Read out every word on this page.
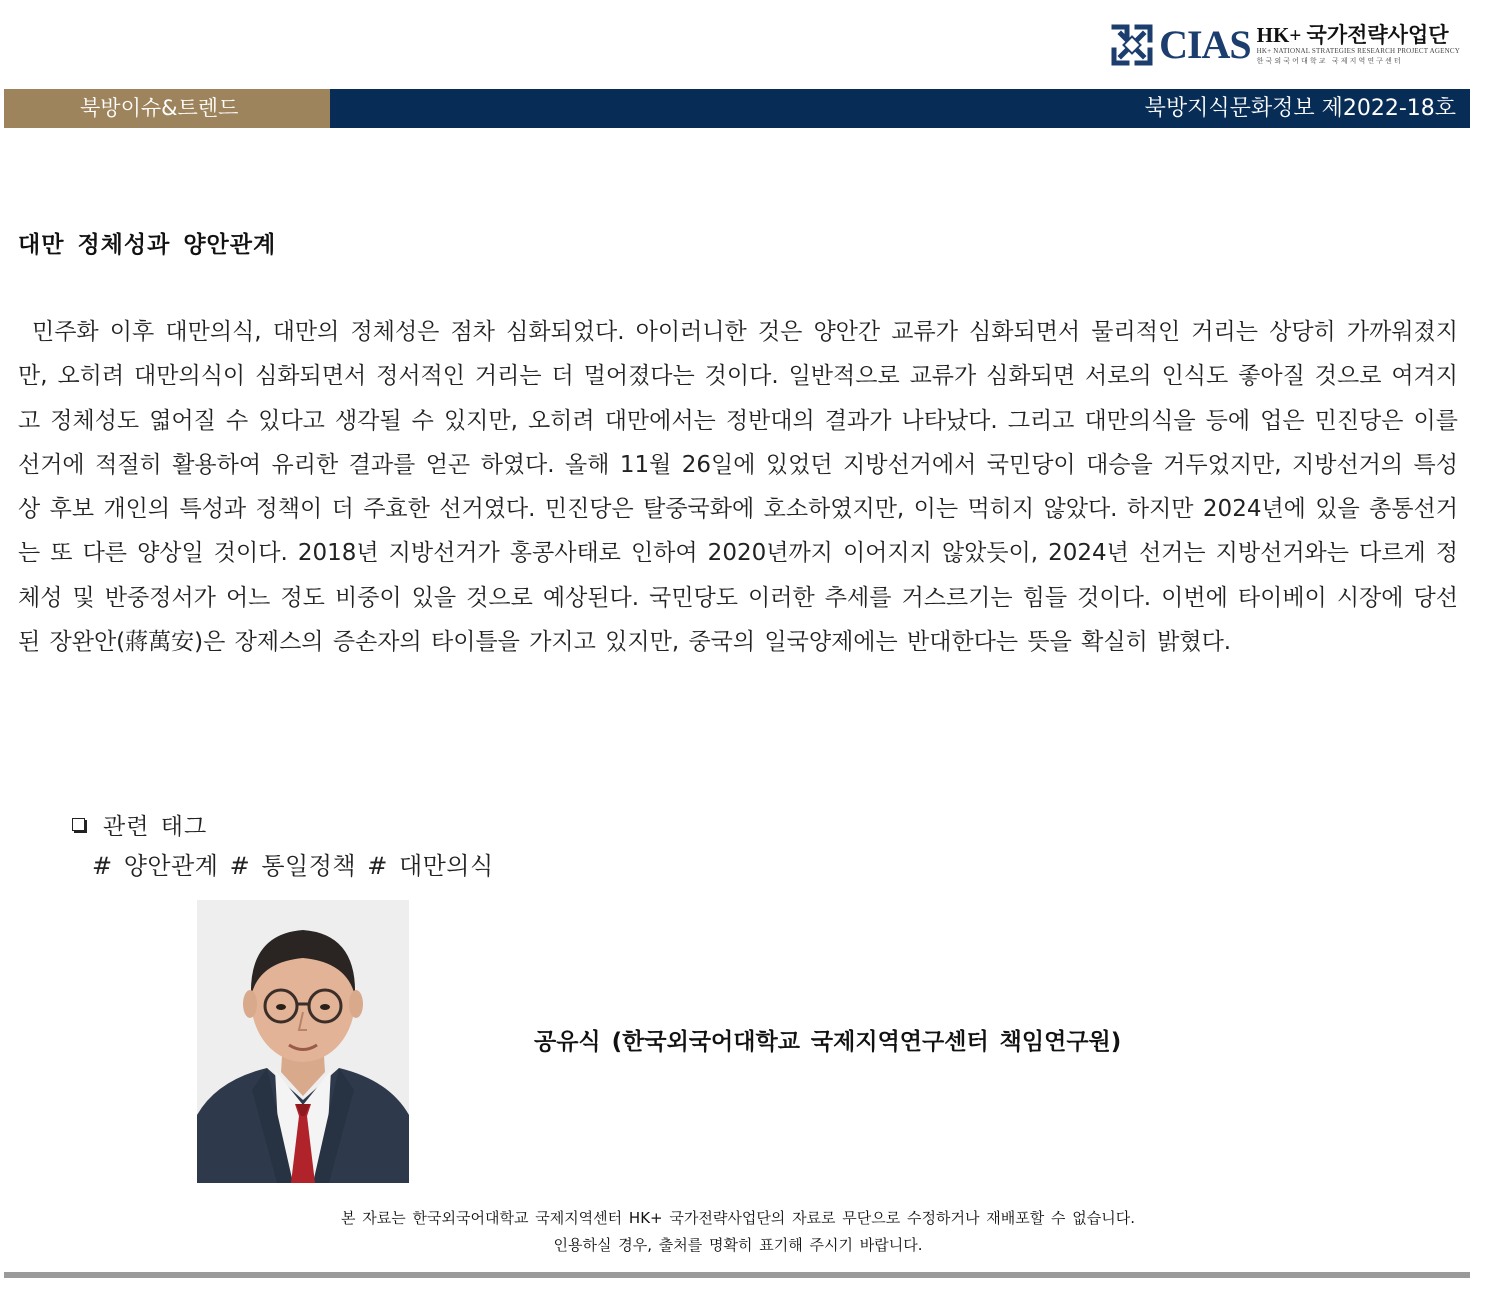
CIAS HK+ 국가전략사업단
HK+ NATIONAL STRATEGIES RESEARCH PROJECT AGENCY
한국외국어대학교 국제지역연구센터
북방이슈&트렌드	북방지식문화정보 제2022-18호
대만 정체성과 양안관계

민주화 이후 대만의식, 대만의 정체성은 점차 심화되었다. 아이러니한 것은 양안간 교류가 심화되면서 물리적인 거리는 상당히 가까워졌지만, 오히려 대만의식이 심화되면서 정서적인 거리는 더 멀어졌다는 것이다. 일반적으로 교류가 심화되면 서로의 인식도 좋아질 것으로 여겨지고 정체성도 엷어질 수 있다고 생각될 수 있지만, 오히려 대만에서는 정반대의 결과가 나타났다. 그리고 대만의식을 등에 업은 민진당은 이를 선거에 적절히 활용하여 유리한 결과를 얻곤 하였다. 올해 11월 26일에 있었던 지방선거에서 국민당이 대승을 거두었지만, 지방선거의 특성상 후보 개인의 특성과 정책이 더 주효한 선거였다. 민진당은 탈중국화에 호소하였지만, 이는 먹히지 않았다. 하지만 2024년에 있을 총통선거는 또 다른 양상일 것이다. 2018년 지방선거가 홍콩사태로 인하여 2020년까지 이어지지 않았듯이, 2024년 선거는 지방선거와는 다르게 정체성 및 반중정서가 어느 정도 비중이 있을 것으로 예상된다. 국민당도 이러한 추세를 거스르기는 힘들 것이다. 이번에 타이베이 시장에 당선된 장완안(蔣萬安)은 장제스의 증손자의 타이틀을 가지고 있지만, 중국의 일국양제에는 반대한다는 뜻을 확실히 밝혔다.

관련 태그
# 양안관계 # 통일정책 # 대만의식
공유식 (한국외국어대학교 국제지역연구센터 책임연구원)
본 자료는 한국외국어대학교 국제지역센터 HK+ 국가전략사업단의 자료로 무단으로 수정하거나 재배포할 수 없습니다.
인용하실 경우, 출처를 명확히 표기해 주시기 바랍니다.
